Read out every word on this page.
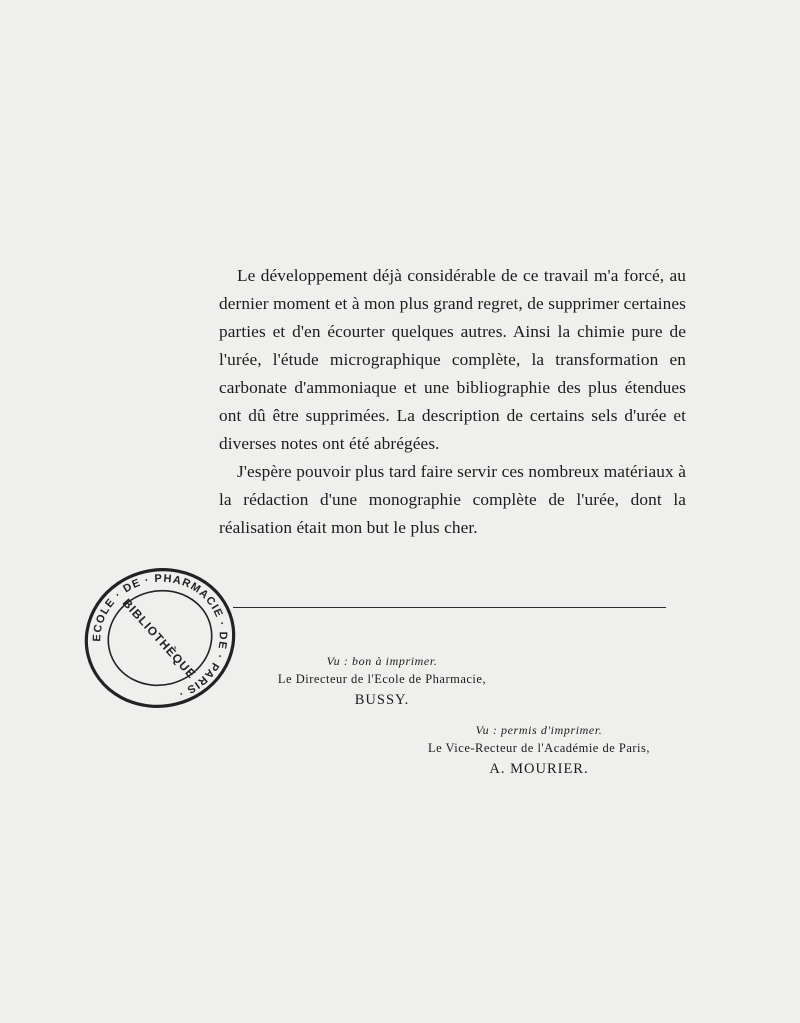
Le développement déjà considérable de ce travail m'a forcé, au dernier moment et à mon plus grand regret, de supprimer certaines parties et d'en écourter quelques autres. Ainsi la chimie pure de l'urée, l'étude micrographique complète, la transformation en carbonate d'ammoniaque et une bibliographie des plus étendues ont dû être supprimées. La description de certains sels d'urée et diverses notes ont été abrégées.

J'espère pouvoir plus tard faire servir ces nombreux matériaux à la rédaction d'une monographie complète de l'urée, dont la réalisation était mon but le plus cher.

ECOLE · DE · PHARMACIE · DE · PARIS ·
BIBLIOTHÈQUE	Vu : bon à imprimer.
Le Directeur de l'Ecole de Pharmacie,
BUSSY.
Vu : permis d'imprimer.
Le Vice-Recteur de l'Académie de Paris,
A. MOURIER.
